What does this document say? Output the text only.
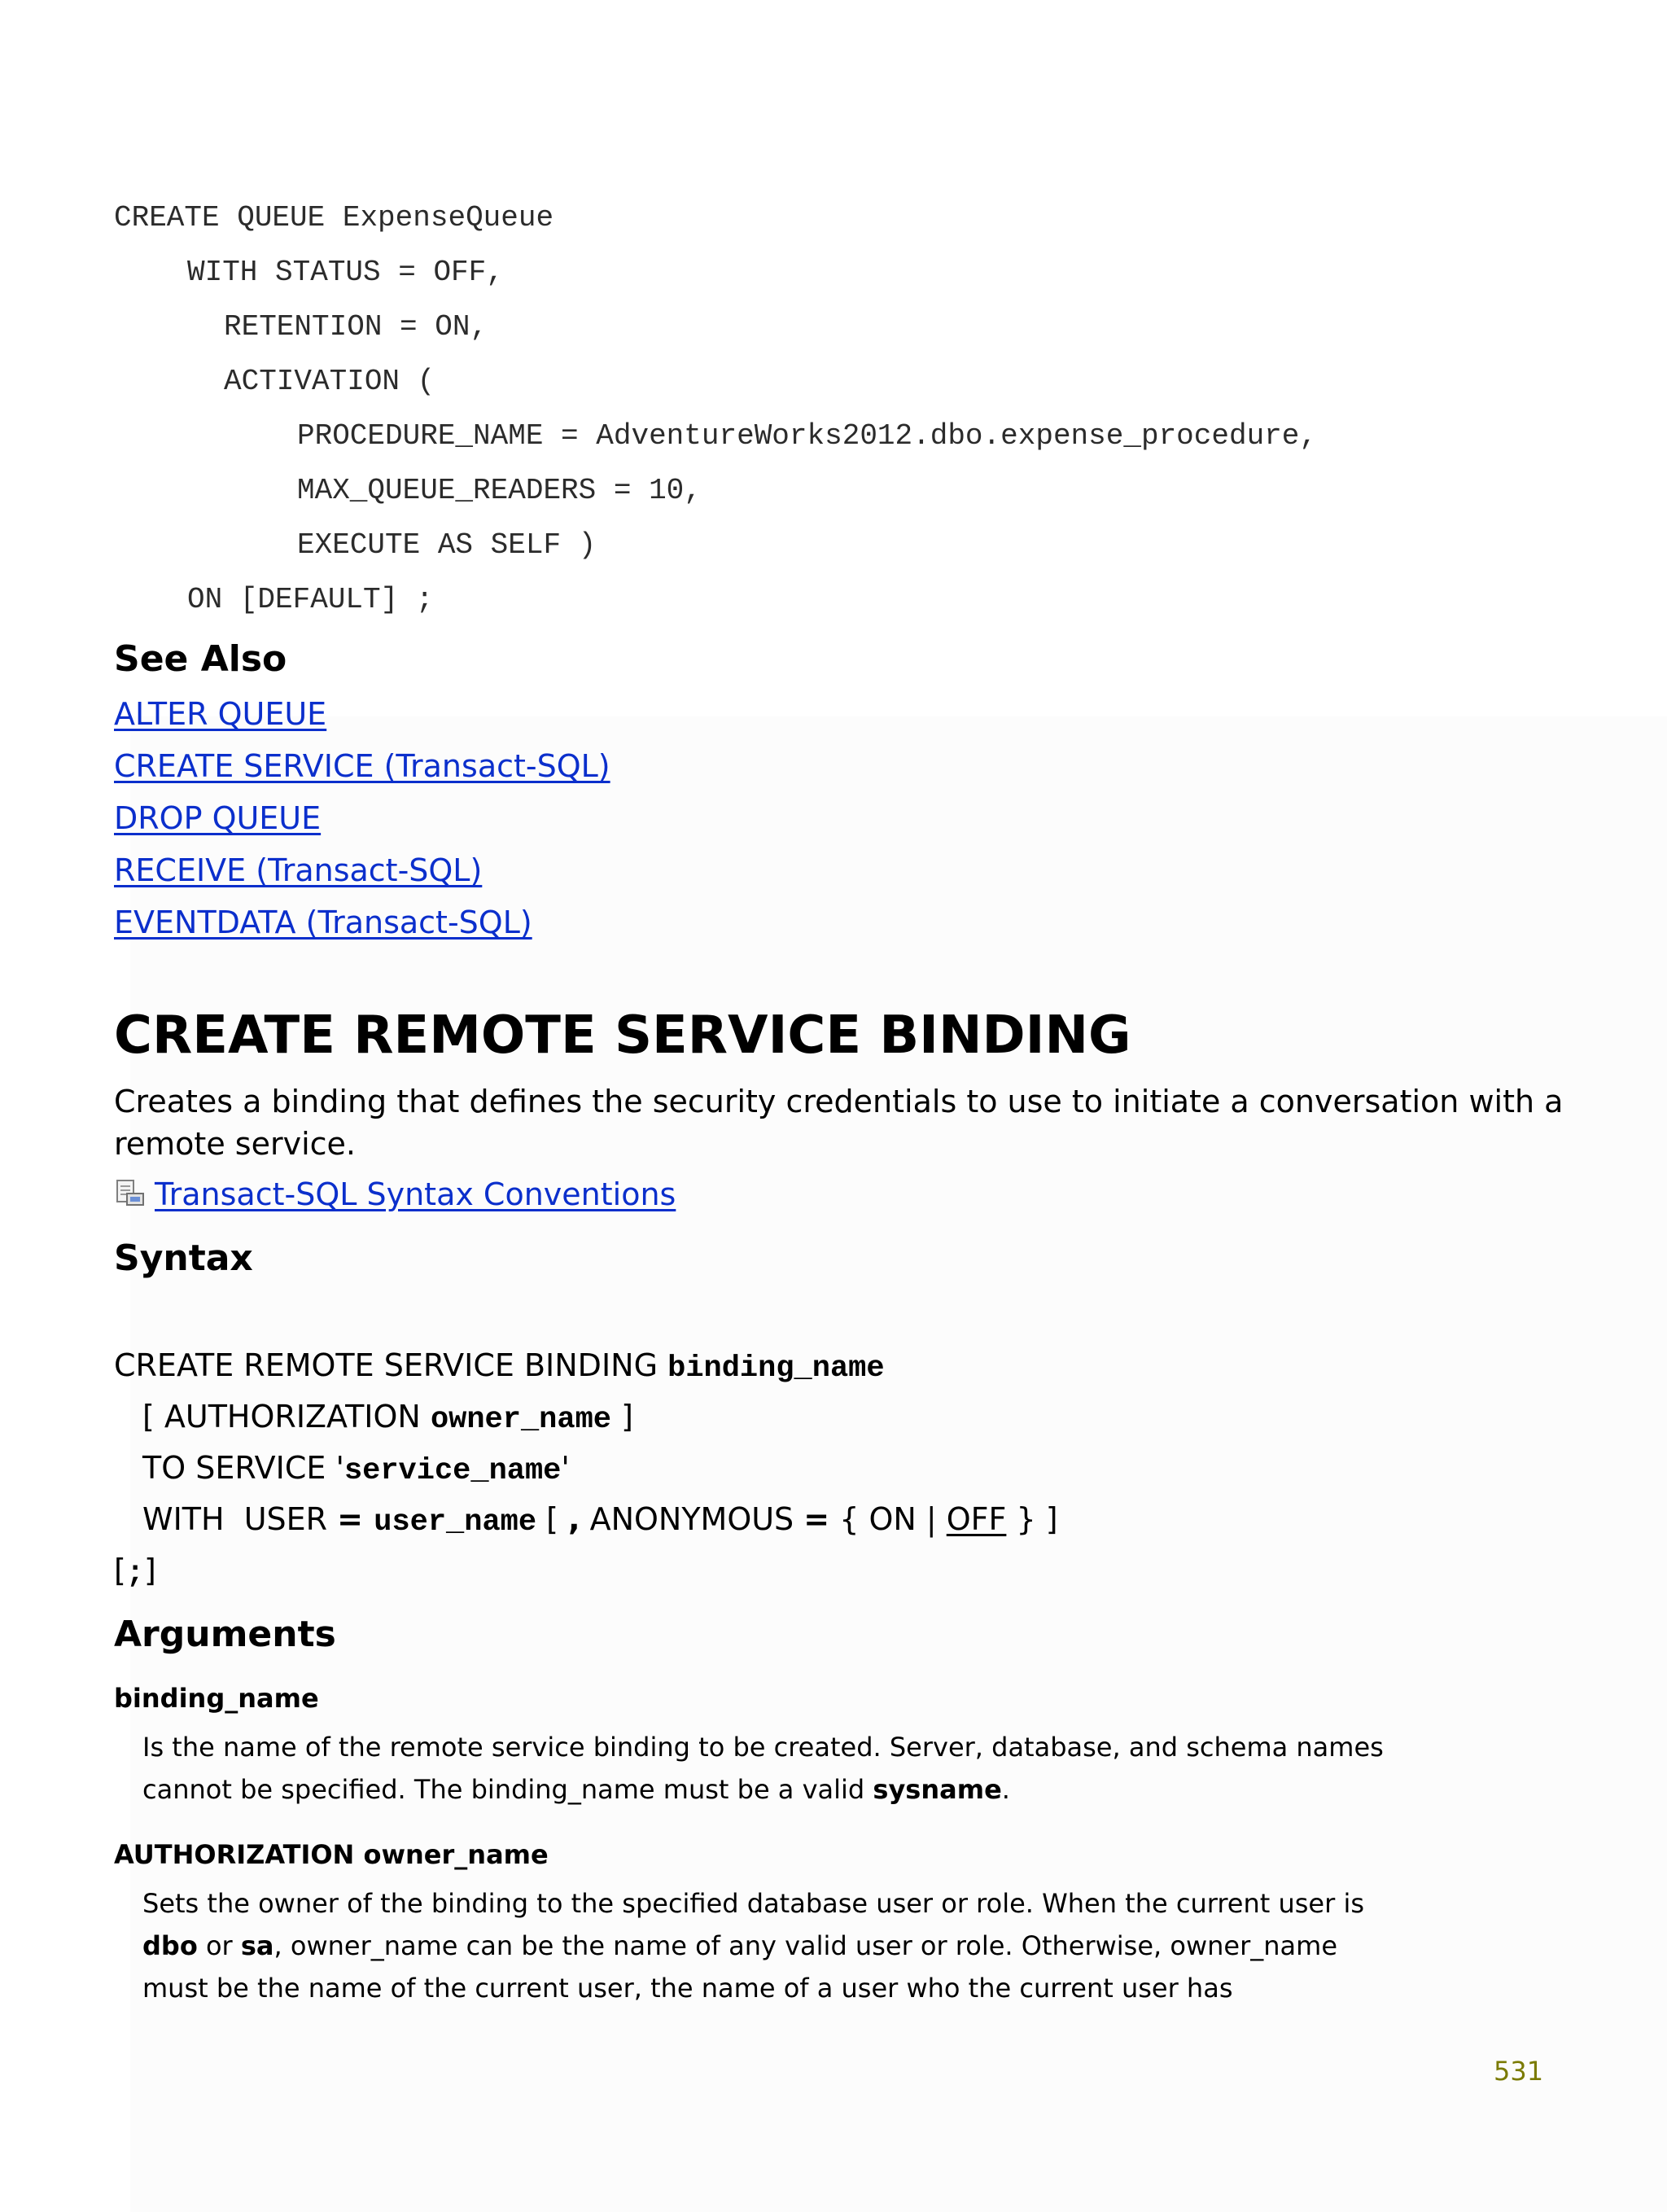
CREATE QUEUE ExpenseQueue
WITH STATUS = OFF,
RETENTION = ON,
ACTIVATION (
PROCEDURE_NAME = AdventureWorks2012.dbo.expense_procedure,
MAX_QUEUE_READERS = 10,
EXECUTE AS SELF )
ON [DEFAULT] ;
See Also
ALTER QUEUE
CREATE SERVICE (Transact-SQL)
DROP QUEUE
RECEIVE (Transact-SQL)
EVENTDATA (Transact-SQL)
CREATE REMOTE SERVICE BINDING
Creates a binding that defines the security credentials to use to initiate a conversation with a
remote service.
Transact-SQL Syntax Conventions
Syntax
CREATE REMOTE SERVICE BINDING binding_name
[ AUTHORIZATION owner_name ]
TO SERVICE 'service_name'
WITH  USER = user_name [ , ANONYMOUS = { ON | OFF } ]
[;]
Arguments
binding_name
Is the name of the remote service binding to be created. Server, database, and schema names
cannot be specified. The binding_name must be a valid sysname.
AUTHORIZATION owner_name
Sets the owner of the binding to the specified database user or role. When the current user is
dbo or sa, owner_name can be the name of any valid user or role. Otherwise, owner_name
must be the name of the current user, the name of a user who the current user has
531
